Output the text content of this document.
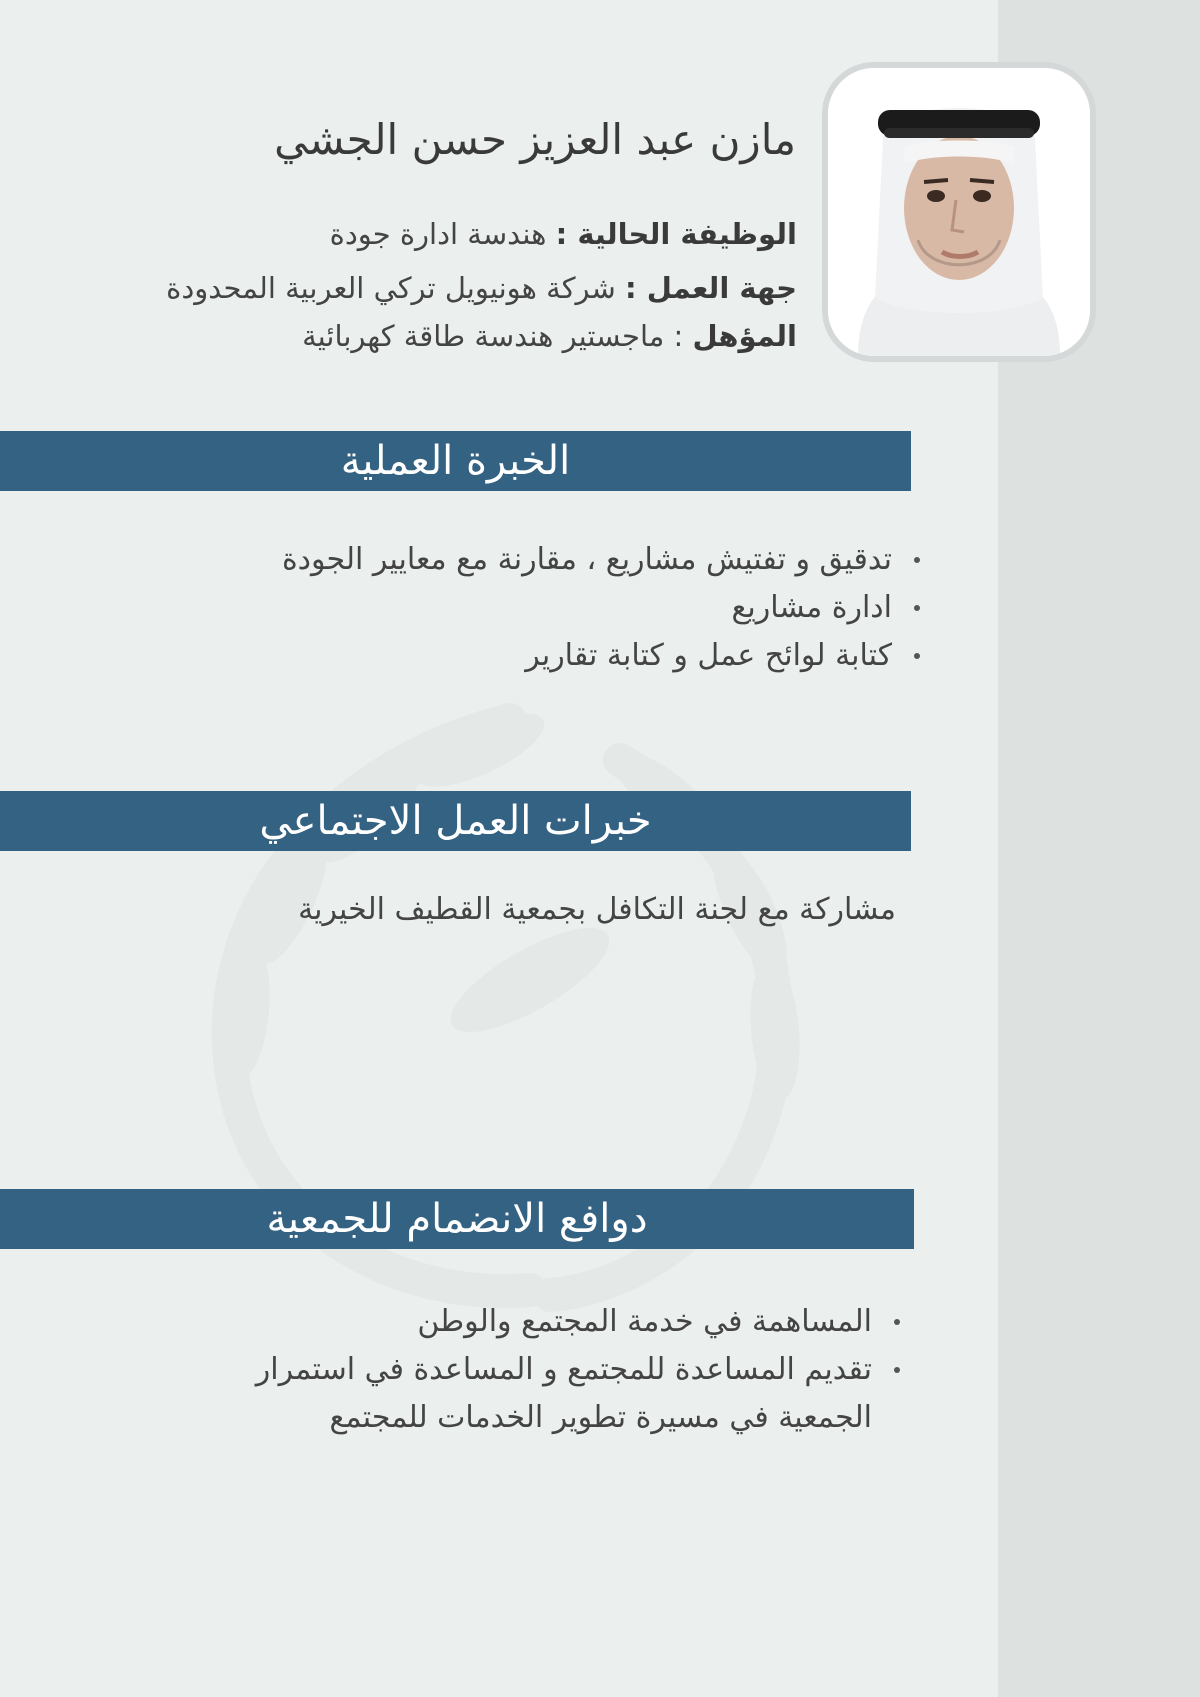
مازن عبد العزيز حسن الجشي
الوظيفة الحالية : هندسة ادارة جودة
جهة العمل : شركة هونيويل تركي العربية المحدودة
المؤهل : ماجستير هندسة طاقة كهربائية
الخبرة العملية
تدقيق و تفتيش مشاريع ، مقارنة مع معايير الجودة
ادارة مشاريع
كتابة لوائح عمل و كتابة تقارير
خبرات العمل الاجتماعي
مشاركة مع لجنة التكافل بجمعية القطيف الخيرية
دوافع الانضمام للجمعية
المساهمة في خدمة المجتمع والوطن
تقديم المساعدة للمجتمع و المساعدة في استمرار
الجمعية في مسيرة تطوير الخدمات للمجتمع
